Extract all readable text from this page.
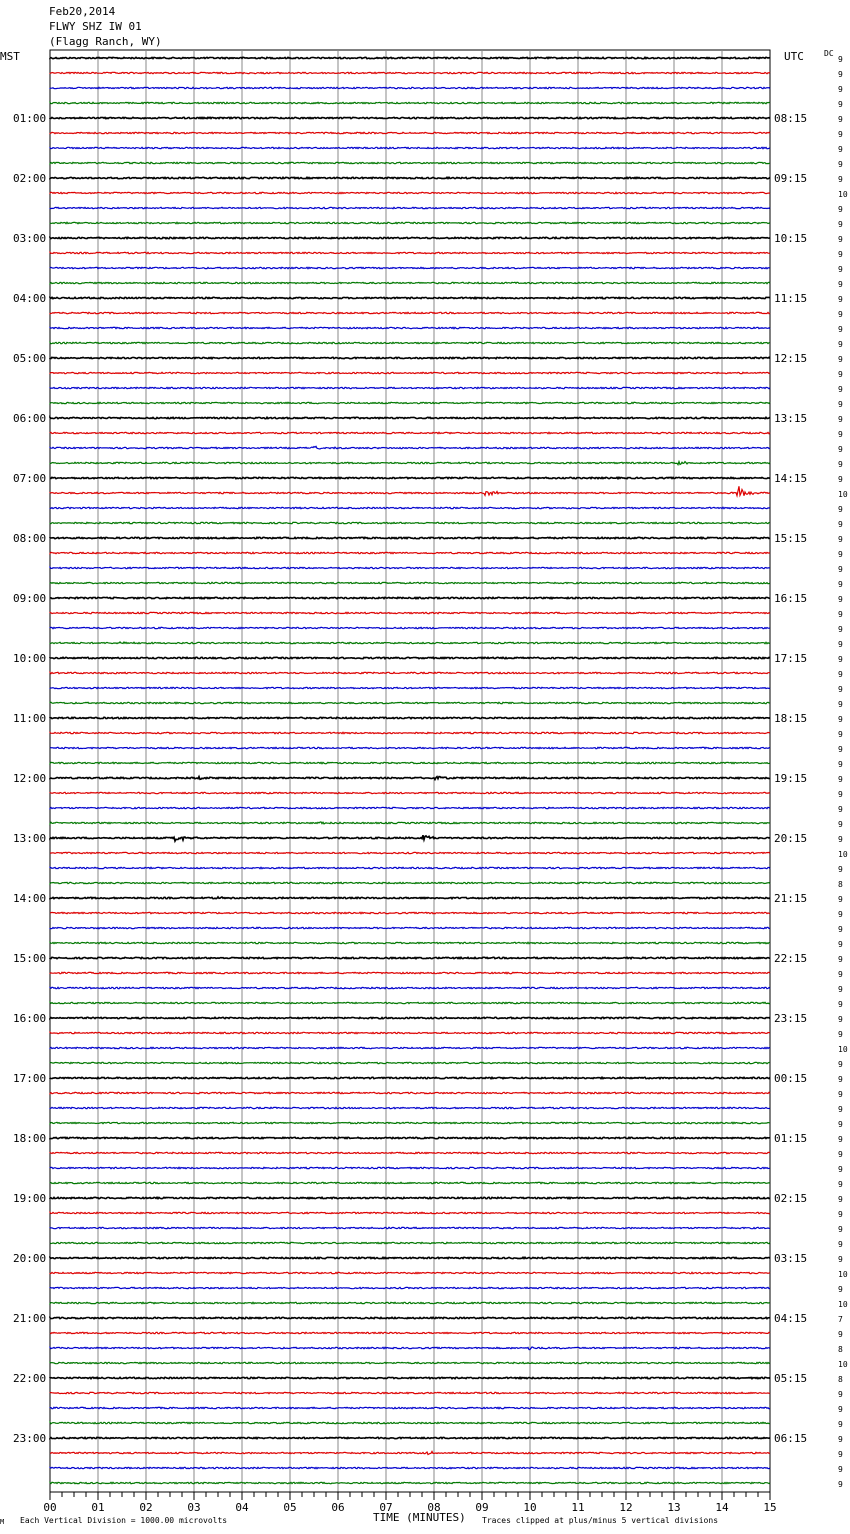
Feb20,2014
FLWY SHZ IW 01
(Flagg Ranch, WY)
MST	UTC	DC
9
9
9
9
9
9
9
9
9
10
9
9
9
9
9
9
9
9
9
9
9
9
9
9
9
9
9
9
9
10
9
9
9
9
9
9
9
9
9
9
9
9
9
9
9
9
9
9
9
9
9
9
9
10
9
8
9
9
9
9
9
9
9
9
9
9
10
9
9
9
9
9
9
9
9
9
9
9
9
9
9
10
9
10
7
9
8
10
8
9
9
9
9
9
9
9
01:00
02:00
03:00
04:00
05:00
06:00
07:00
08:00
09:00
10:00
11:00
12:00
13:00
14:00
15:00
16:00
17:00
18:00
19:00
20:00
21:00
22:00
23:00
08:15
09:15
10:15
11:15
12:15
13:15
14:15
15:15
16:15
17:15
18:15
19:15
20:15
21:15
22:15
23:15
00:15
01:15
02:15
03:15
04:15
05:15
06:15
00	01	02	03	04	05	06	07	08	09	10	11	12	13	14	15
M Each Vertical Division = 1000.00 microvolts	TIME (MINUTES) Traces clipped at plus/minus 5 vertical divisions
